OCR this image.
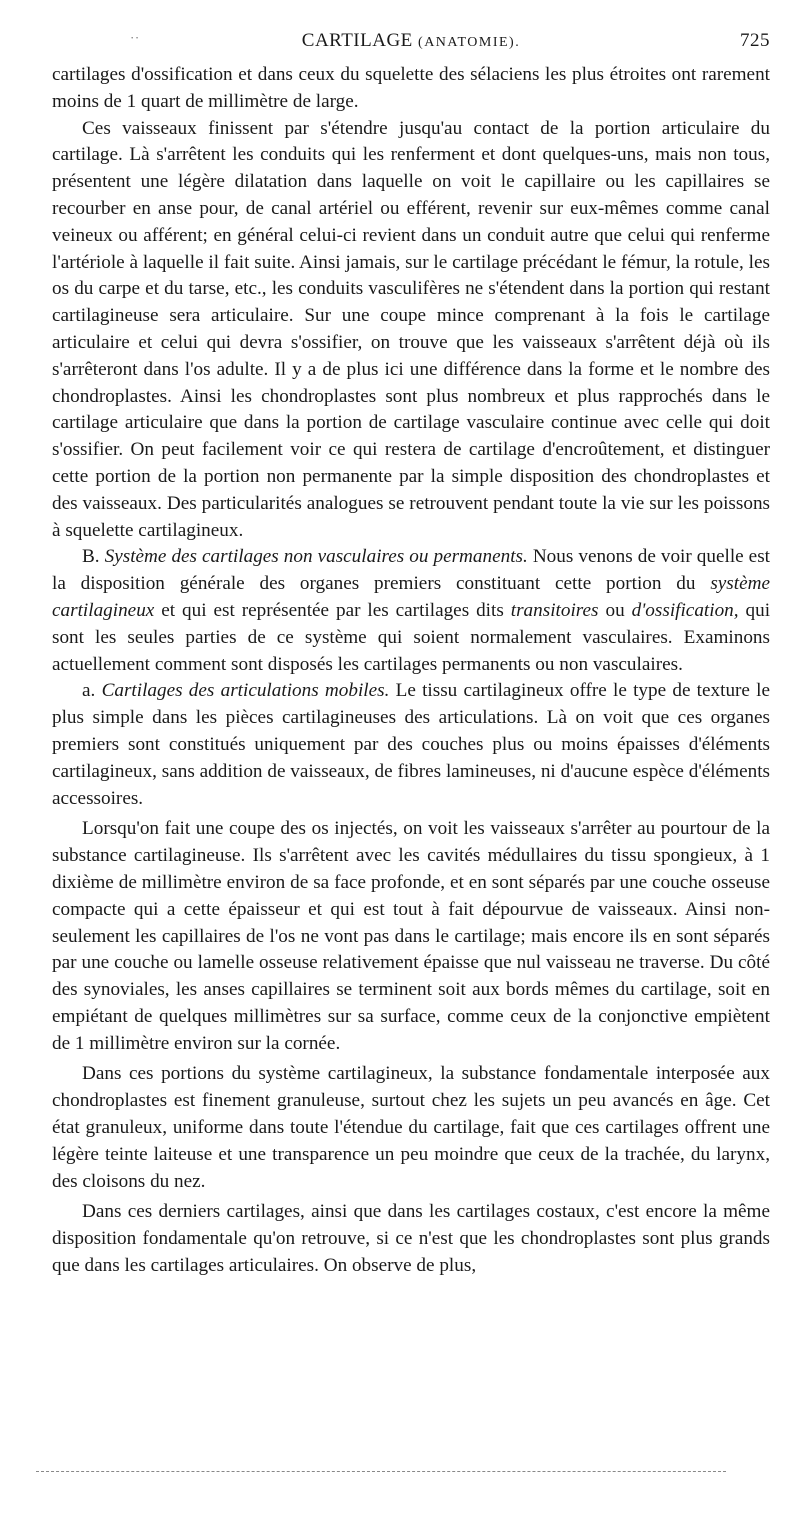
··	CARTILAGE (ANATOMIE).	725

cartilages d'ossification et dans ceux du squelette des sélaciens les plus étroites ont rarement moins de 1 quart de millimètre de large.

Ces vaisseaux finissent par s'étendre jusqu'au contact de la portion articulaire du cartilage. Là s'arrêtent les conduits qui les renferment et dont quelques-uns, mais non tous, présentent une légère dilatation dans laquelle on voit le capillaire ou les capillaires se recourber en anse pour, de canal artériel ou efférent, revenir sur eux-mêmes comme canal veineux ou afférent; en général celui-ci revient dans un conduit autre que celui qui renferme l'artériole à laquelle il fait suite. Ainsi jamais, sur le cartilage précédant le fémur, la rotule, les os du carpe et du tarse, etc., les conduits vasculifères ne s'étendent dans la portion qui restant cartilagineuse sera articulaire. Sur une coupe mince comprenant à la fois le cartilage articulaire et celui qui devra s'ossifier, on trouve que les vaisseaux s'arrêtent déjà où ils s'arrêteront dans l'os adulte. Il y a de plus ici une différence dans la forme et le nombre des chondroplastes. Ainsi les chondroplastes sont plus nombreux et plus rapprochés dans le cartilage articulaire que dans la portion de cartilage vasculaire continue avec celle qui doit s'ossifier. On peut facilement voir ce qui restera de cartilage d'encroûtement, et distinguer cette portion de la portion non permanente par la simple disposition des chondroplastes et des vaisseaux. Des particularités analogues se retrouvent pendant toute la vie sur les poissons à squelette cartilagineux.

B. Système des cartilages non vasculaires ou permanents. Nous venons de voir quelle est la disposition générale des organes premiers constituant cette portion du système cartilagineux et qui est représentée par les cartilages dits transitoires ou d'ossification, qui sont les seules parties de ce système qui soient normalement vasculaires. Examinons actuellement comment sont disposés les cartilages permanents ou non vasculaires.

a. Cartilages des articulations mobiles. Le tissu cartilagineux offre le type de texture le plus simple dans les pièces cartilagineuses des articulations. Là on voit que ces organes premiers sont constitués uniquement par des couches plus ou moins épaisses d'éléments cartilagineux, sans addition de vaisseaux, de fibres lamineuses, ni d'aucune espèce d'éléments accessoires.

Lorsqu'on fait une coupe des os injectés, on voit les vaisseaux s'arrêter au pourtour de la substance cartilagineuse. Ils s'arrêtent avec les cavités médullaires du tissu spongieux, à 1 dixième de millimètre environ de sa face profonde, et en sont séparés par une couche osseuse compacte qui a cette épaisseur et qui est tout à fait dépourvue de vaisseaux. Ainsi non-seulement les capillaires de l'os ne vont pas dans le cartilage; mais encore ils en sont séparés par une couche ou lamelle osseuse relativement épaisse que nul vaisseau ne traverse. Du côté des synoviales, les anses capillaires se terminent soit aux bords mêmes du cartilage, soit en empiétant de quelques millimètres sur sa surface, comme ceux de la conjonctive empiètent de 1 millimètre environ sur la cornée.

Dans ces portions du système cartilagineux, la substance fondamentale interposée aux chondroplastes est finement granuleuse, surtout chez les sujets un peu avancés en âge. Cet état granuleux, uniforme dans toute l'étendue du cartilage, fait que ces cartilages offrent une légère teinte laiteuse et une transparence un peu moindre que ceux de la trachée, du larynx, des cloisons du nez.

Dans ces derniers cartilages, ainsi que dans les cartilages costaux, c'est encore la même disposition fondamentale qu'on retrouve, si ce n'est que les chondroplastes sont plus grands que dans les cartilages articulaires. On observe de plus,
